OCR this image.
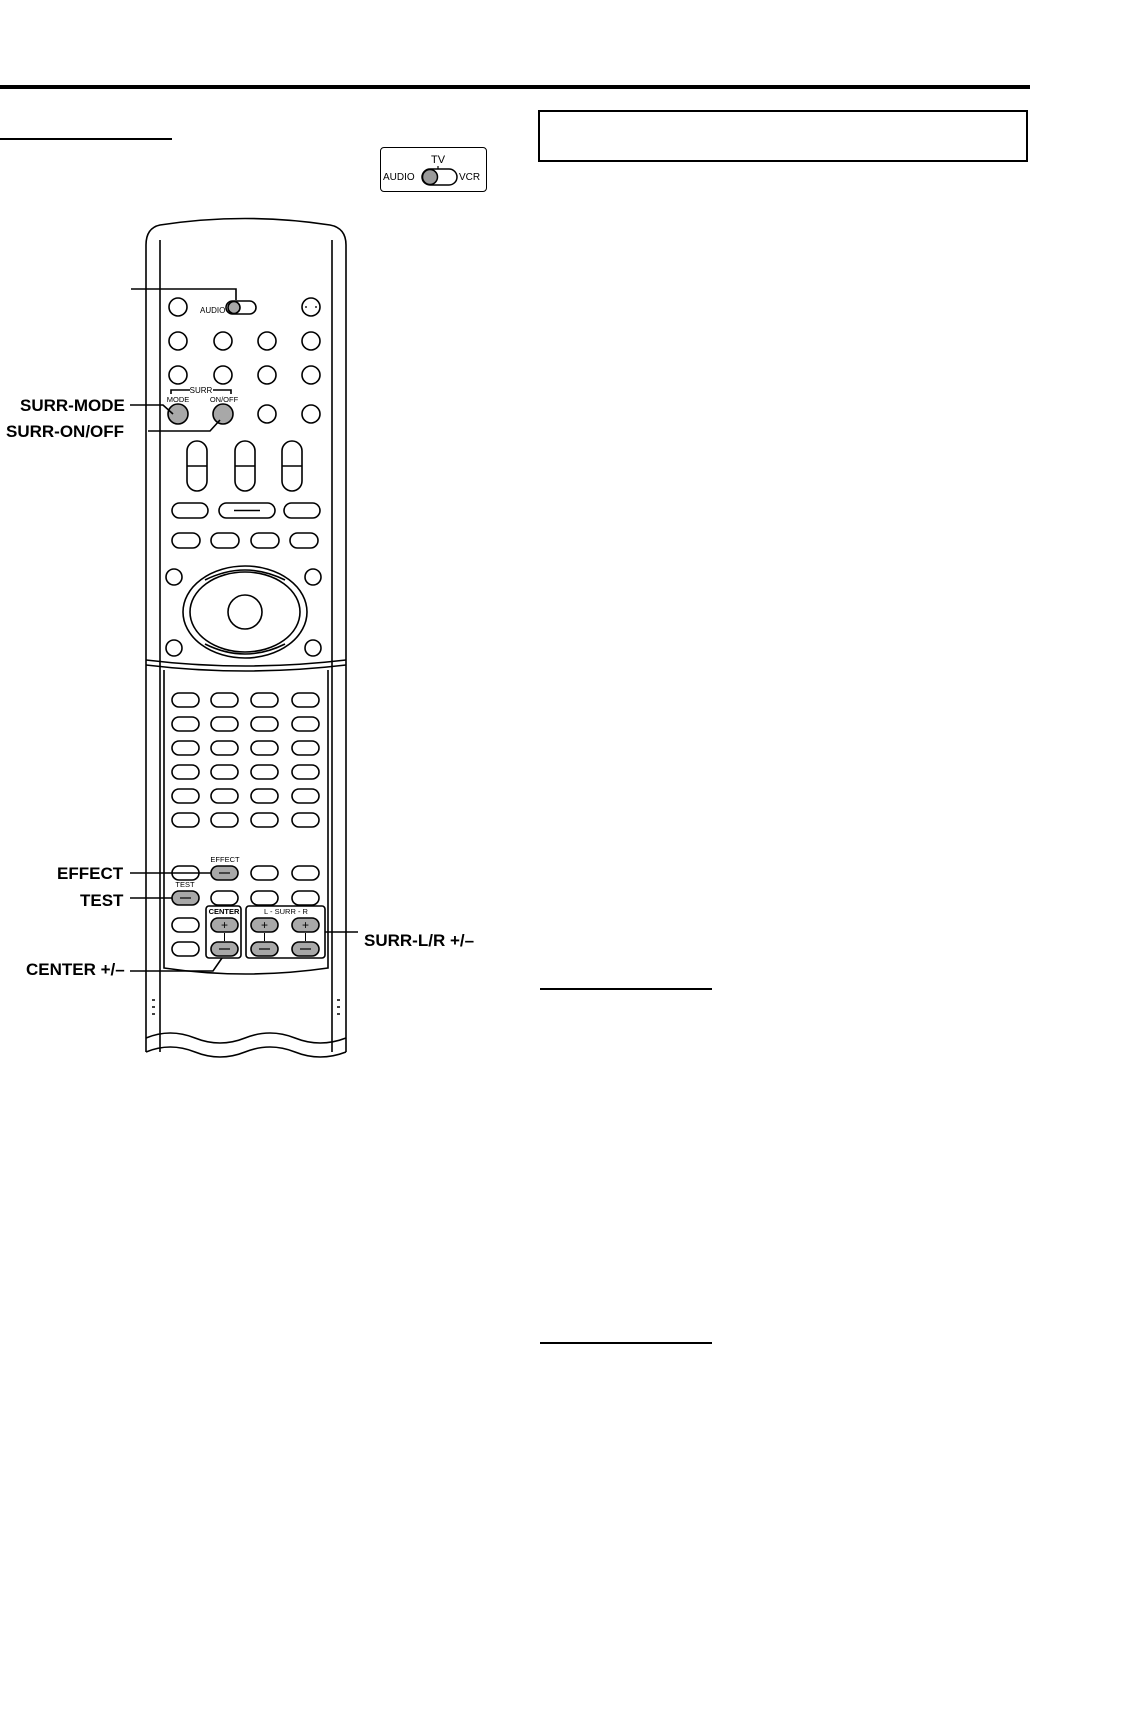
TV
AUDIO	VCR
SURR-MODE
SURR-ON/OFF
EFFECT
TEST
CENTER +/–
SURR-L/R +/–
AUDIO
SURR
MODE	ON/OFF
EFFECT
TEST
CENTER
+
L - SURR - R
+	+
